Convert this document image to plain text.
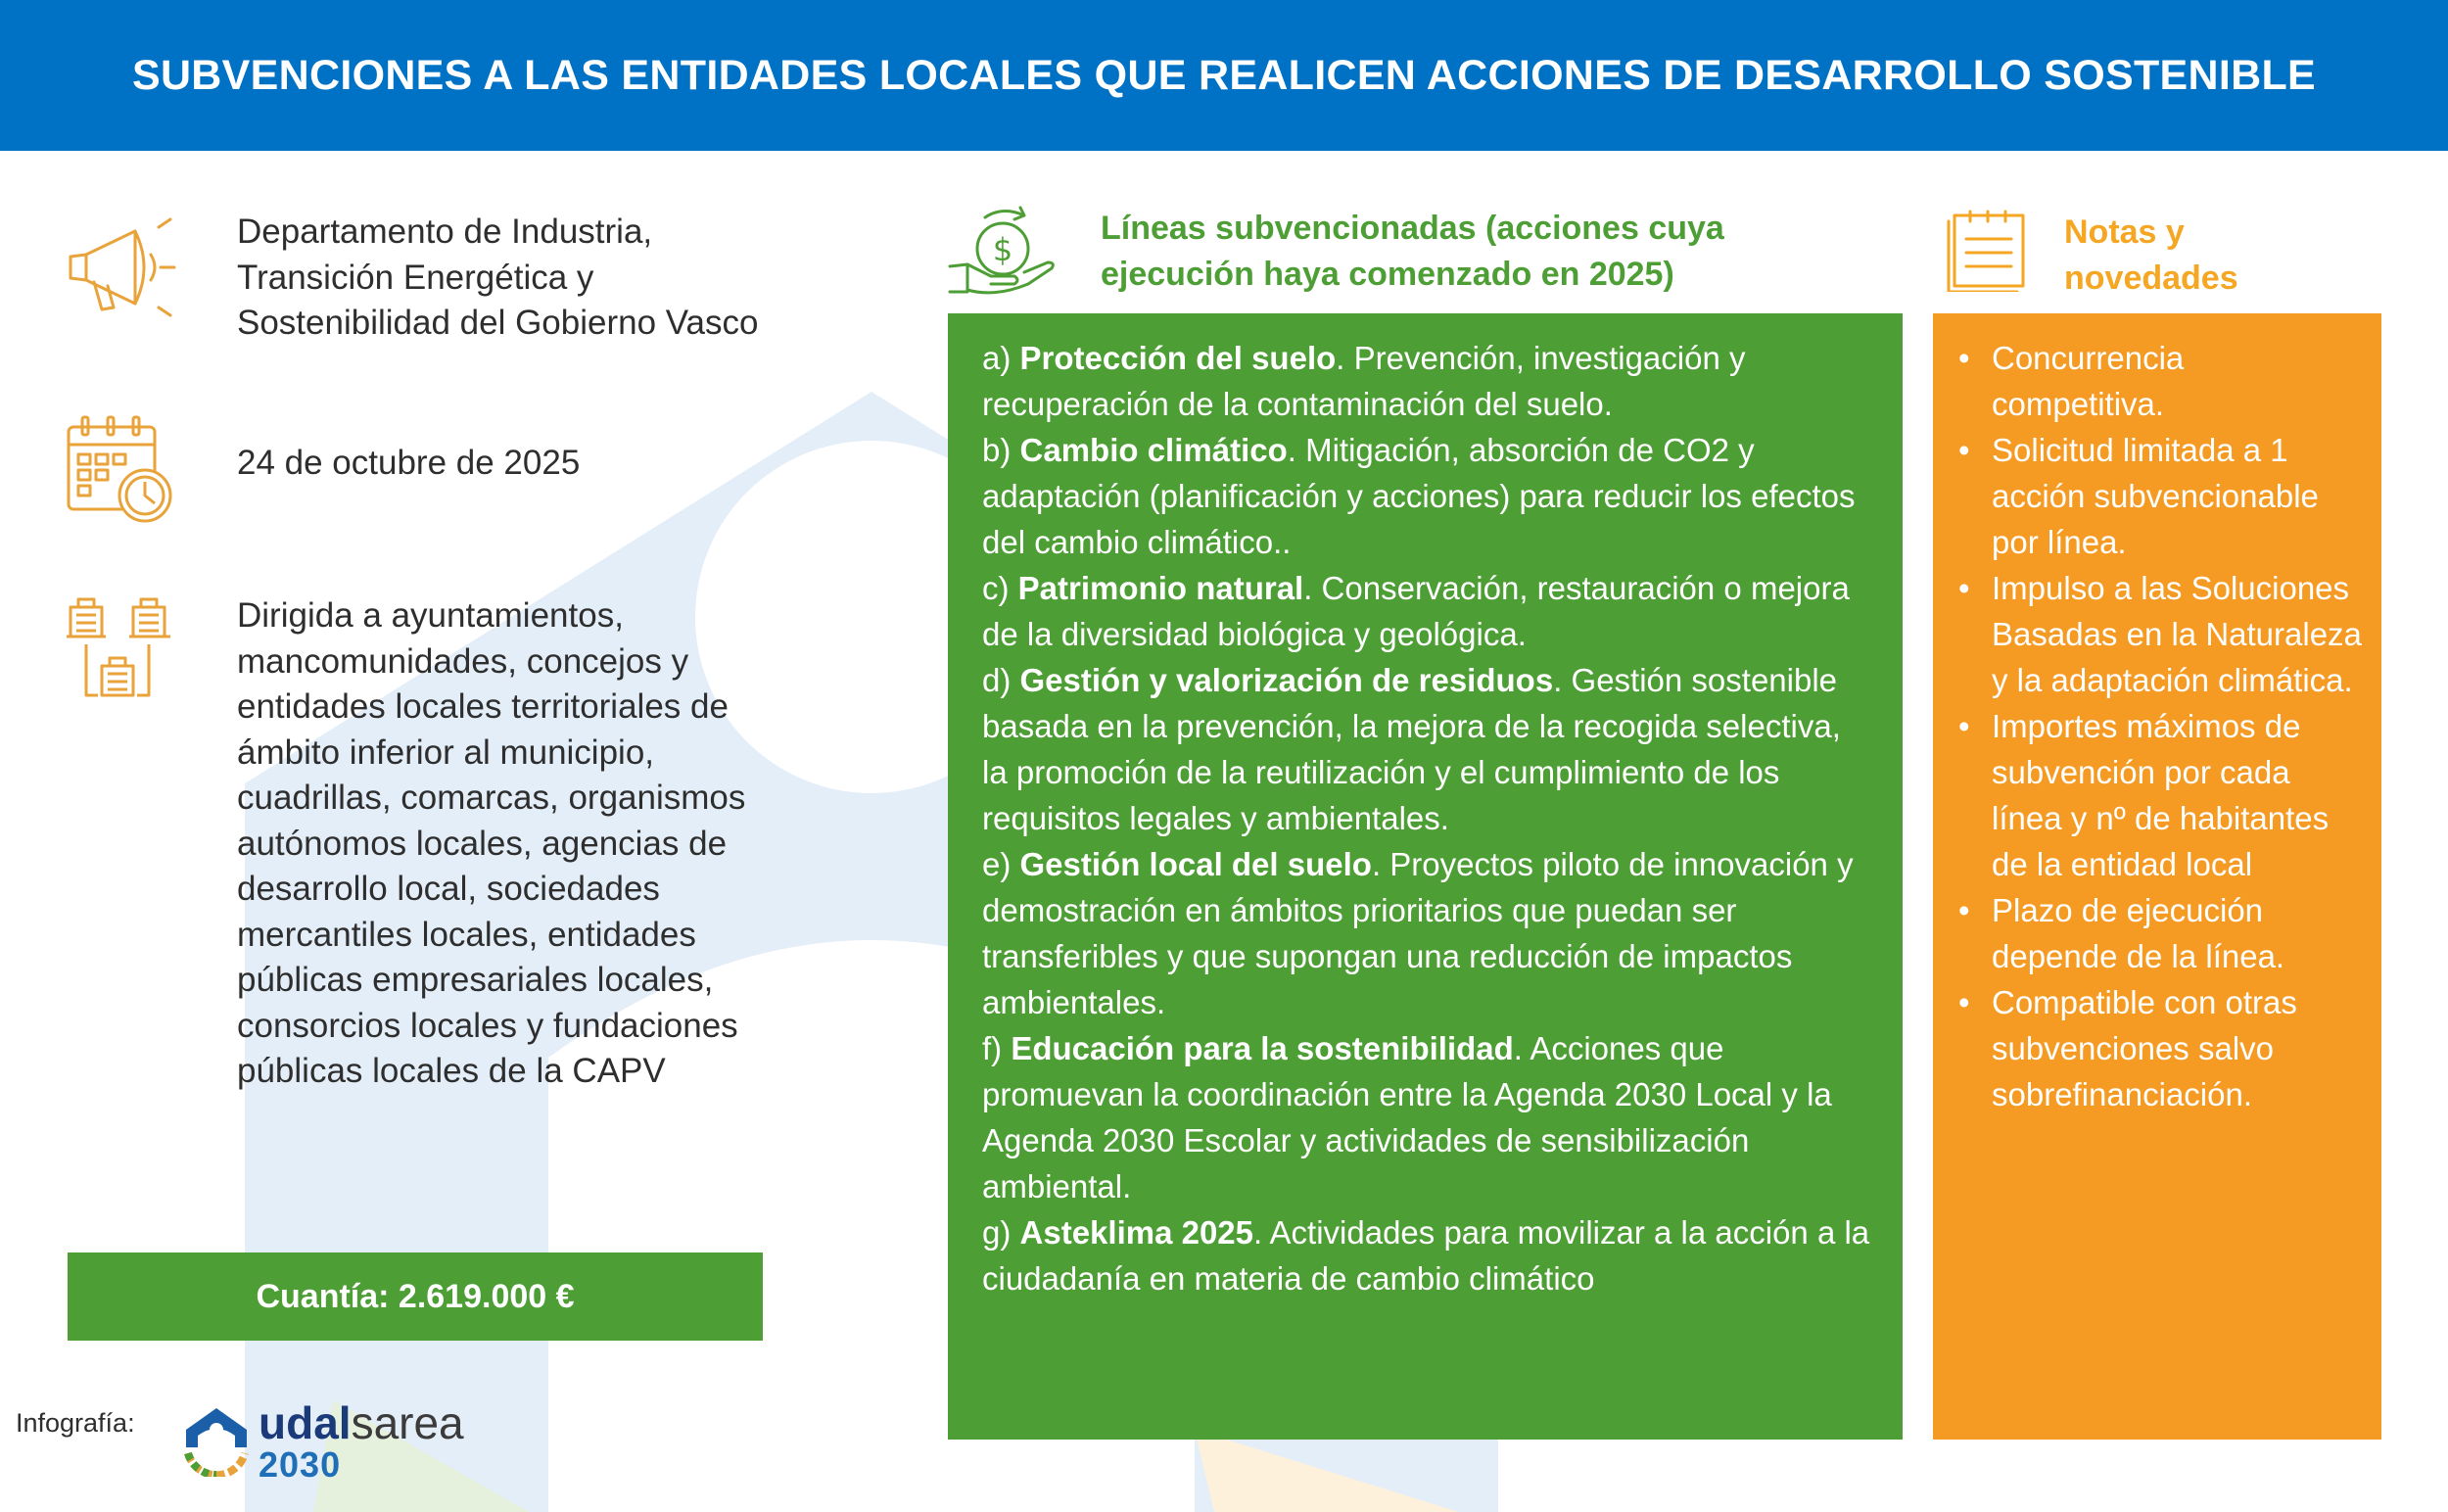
SUBVENCIONES A LAS ENTIDADES LOCALES QUE REALICEN ACCIONES DE DESARROLLO SOSTENIBLE
Departamento de Industria, Transición Energética y Sostenibilidad del Gobierno Vasco
24 de octubre de 2025
Dirigida a ayuntamientos, mancomunidades, concejos y entidades locales territoriales de ámbito inferior al municipio, cuadrillas, comarcas, organismos autónomos locales, agencias de desarrollo local, sociedades mercantiles locales, entidades públicas empresariales locales, consorcios locales y fundaciones públicas locales de la CAPV
Cuantía: 2.619.000 €
Infografía:	udalsarea
2030
$
Líneas subvencionadas (acciones cuya ejecución haya comenzado en 2025)

a) Protección del suelo. Prevención, investigación y recuperación de la contaminación del suelo.

b) Cambio climático. Mitigación, absorción de CO2 y adaptación (planificación y acciones) para reducir los efectos del cambio climático..

c) Patrimonio natural. Conservación, restauración o mejora de la diversidad biológica y geológica.

d) Gestión y valorización de residuos. Gestión sostenible basada en la prevención, la mejora de la recogida selectiva, la promoción de la reutilización y el cumplimiento de los requisitos legales y ambientales.

e) Gestión local del suelo. Proyectos piloto de innovación y demostración en ámbitos prioritarios que puedan ser transferibles y que supongan una reducción de impactos ambientales.

f) Educación para la sostenibilidad. Acciones que promuevan la coordinación entre la Agenda 2030 Local y la Agenda 2030 Escolar y actividades de sensibilización ambiental.

g) Asteklima 2025. Actividades para movilizar a la acción a la ciudadanía en materia de cambio climático

Notas y novedades
• Concurrencia competitiva.
• Solicitud limitada a 1 acción subvencionable por línea.
• Impulso a las Soluciones Basadas en la Naturaleza y la adaptación climática.
• Importes máximos de subvención por cada línea y nº de habitantes de la entidad local
• Plazo de ejecución depende de la línea.
• Compatible con otras subvenciones salvo sobrefinanciación.
